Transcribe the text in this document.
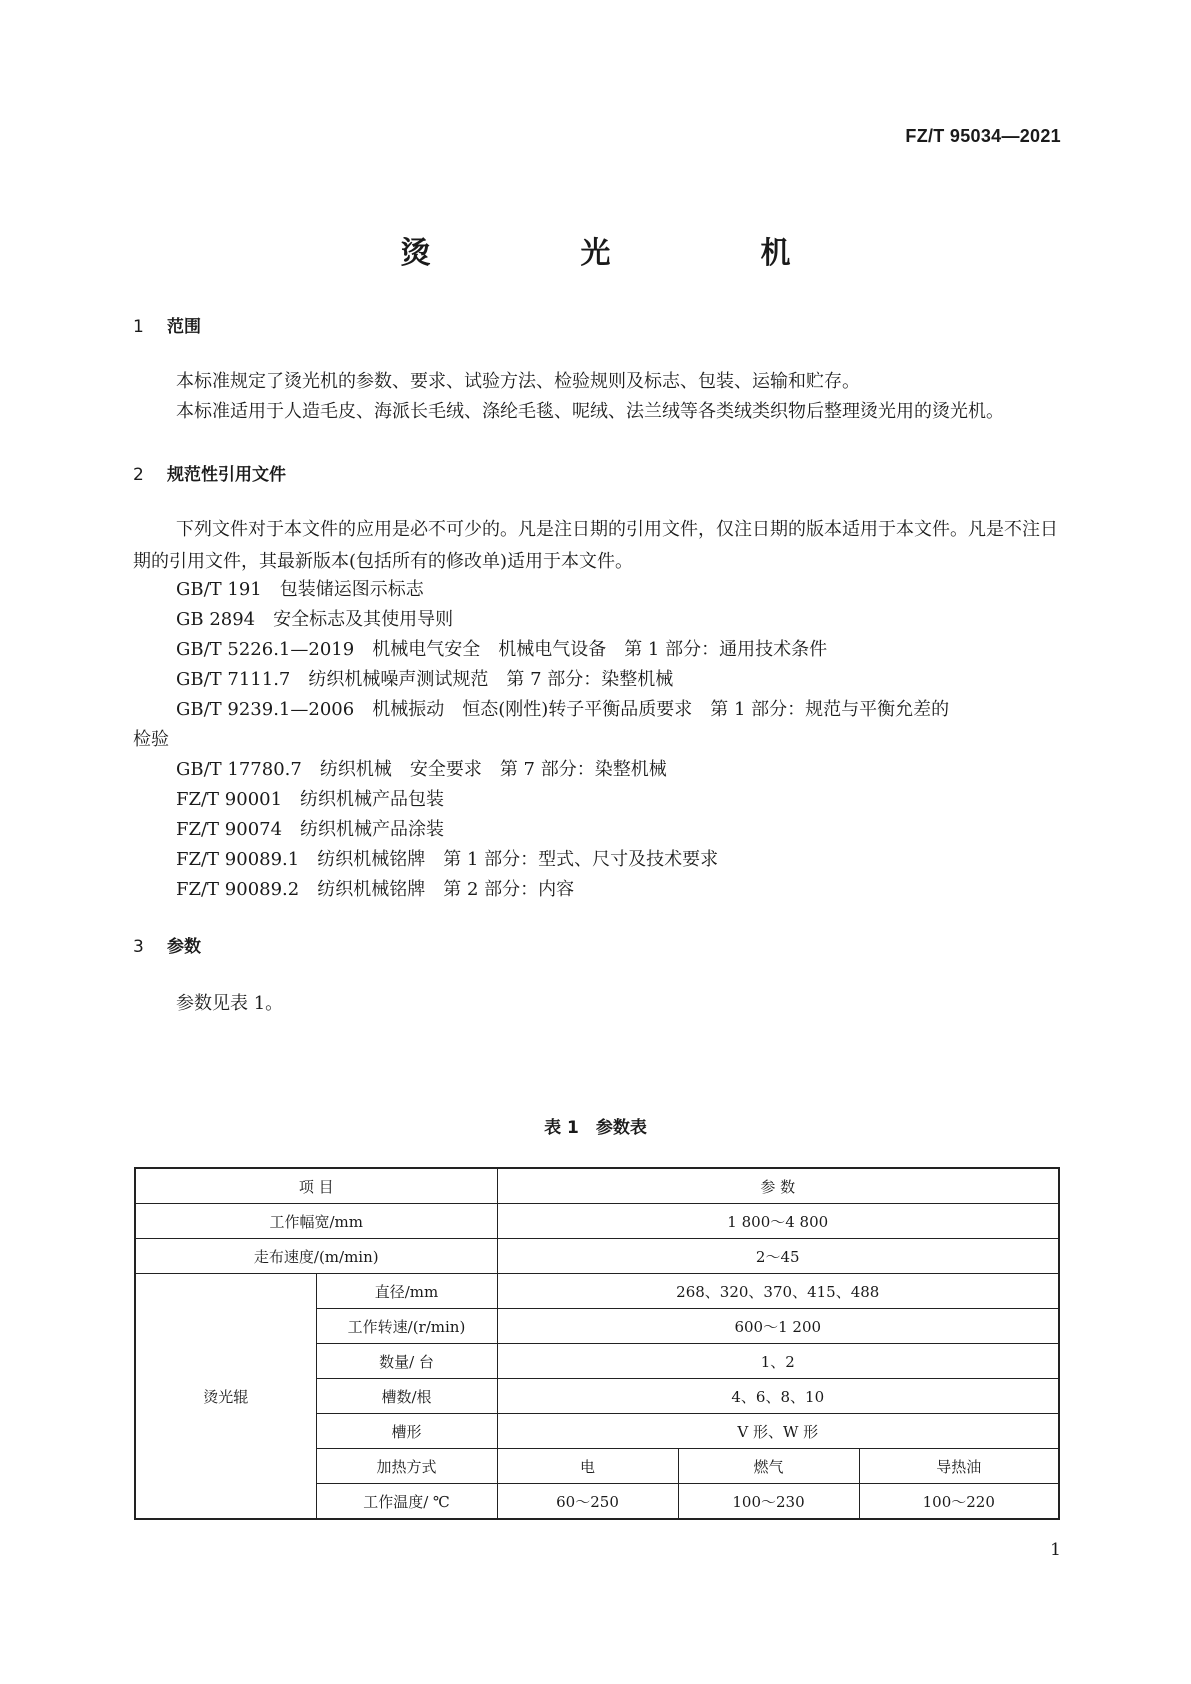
FZ/T 95034—2021
烫　光　机
1 范围
本标准规定了烫光机的参数、要求、试验方法、检验规则及标志、包装、运输和贮存。
本标准适用于人造毛皮、海派长毛绒、涤纶毛毯、呢绒、法兰绒等各类绒类织物后整理烫光用的烫光机。
2 规范性引用文件
下列文件对于本文件的应用是必不可少的。凡是注日期的引用文件，仅注日期的版本适用于本文件。凡是不注日期的引用文件，其最新版本(包括所有的修改单)适用于本文件。
GB/T 191　包装储运图示标志
GB 2894　安全标志及其使用导则
GB/T 5226.1—2019　机械电气安全　机械电气设备　第 1 部分：通用技术条件
GB/T 7111.7　纺织机械噪声测试规范　第 7 部分：染整机械
GB/T 9239.1—2006　机械振动　恒态(刚性)转子平衡品质要求　第 1 部分：规范与平衡允差的
检验
GB/T 17780.7　纺织机械　安全要求　第 7 部分：染整机械
FZ/T 90001　纺织机械产品包装
FZ/T 90074　纺织机械产品涂装
FZ/T 90089.1　纺织机械铭牌　第 1 部分：型式、尺寸及技术要求
FZ/T 90089.2　纺织机械铭牌　第 2 部分：内容
3 参数
参数见表 1。
表 1　参数表
项 目		参 数		
工作幅宽/mm		1 800～4 800		
走布速度/(m/min)		2～45		
烫光辊	直径/mm	268、320、370、415、488		
	工作转速/(r/min)	600～1 200		
	数量/ 台	1、2		
	槽数/根	4、6、8、10		
	槽形	V 形、W 形		
	加热方式	电	燃气	导热油
	工作温度/ ℃	60～250	100～230	100～220
1
